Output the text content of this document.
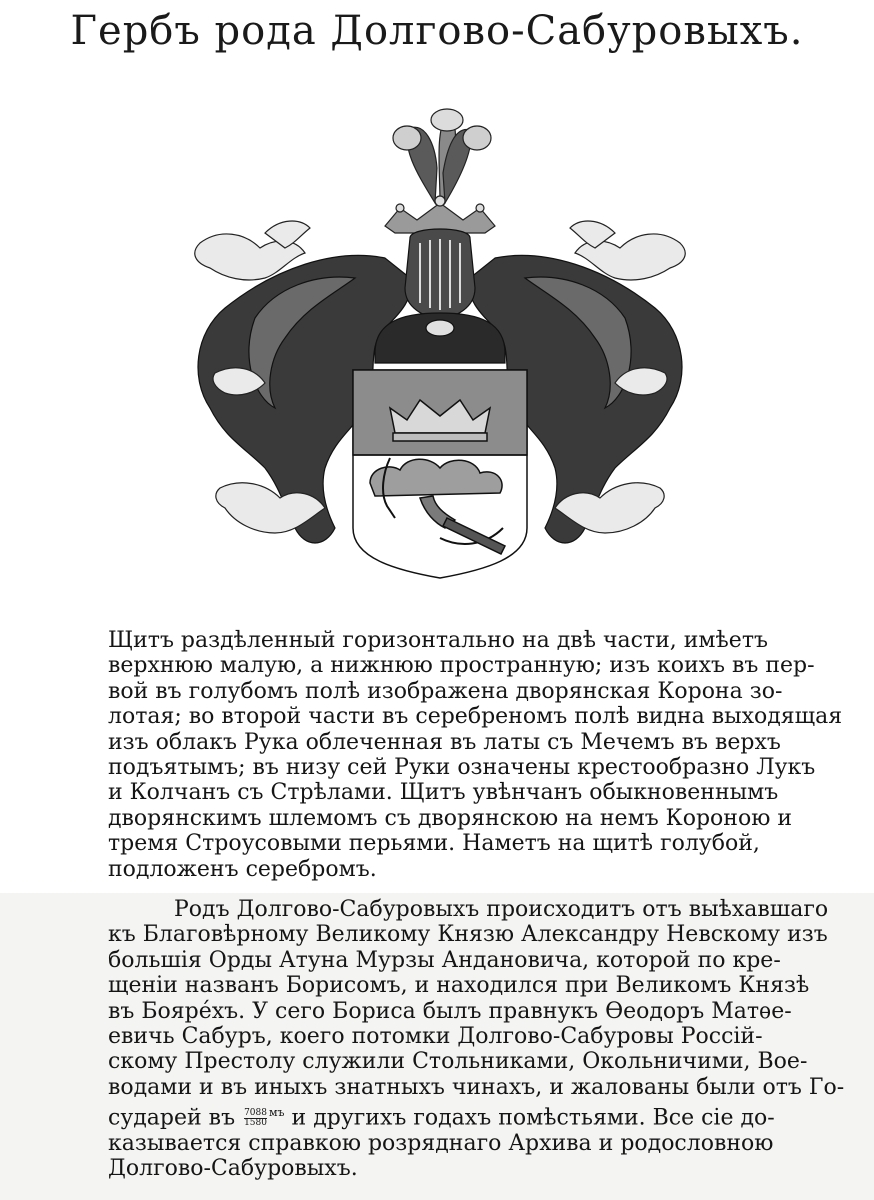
Гербъ рода Долгово-Сабуровыхъ.
Щитъ раздѣленный горизонтально на двѣ части, имѣетъ
верхнюю малую, а нижнюю пространную; изъ коихъ въ пер-
вой въ голубомъ полѣ изображена дворянская Корона зо-
лотая; во второй части въ серебреномъ полѣ видна выходящая
изъ облакъ Рука облеченная въ латы съ Мечемъ въ верхъ
подъятымъ; въ низу сей Руки означены крестообразно Лукъ
и Колчанъ съ Стрѣлами. Щитъ увѣнчанъ обыкновеннымъ
дворянскимъ шлемомъ съ дворянскою на немъ Короною и
тремя Строусовыми перьями. Наметъ на щитѣ голубой,
подложенъ серебромъ.
Родъ Долгово-Сабуровыхъ происходитъ отъ выѣхавшаго
къ Благовѣрному Великому Князю Александру Невскому изъ
большія Орды Атуна Мурзы Андановича, которой по кре-
щеніи названъ Борисомъ, и находился при Великомъ Князѣ
въ Бояре́хъ. У сего Бориса былъ правнукъ Ѳеодоръ Матѳе-
евичь Сабуръ, коего потомки Долгово-Сабуровы Россій-
скому Престолу служили Стольниками, Окольничими, Вое-
водами и въ иныхъ знатныхъ чинахъ, и жалованы были отъ Го-
сударей въ $\frac{7088}{1580} ^{мъ}$ и другихъ годахъ помѣстьями. Все сіе до-
казывается справкою розряднаго Архива и родословною
Долгово-Сабуровыхъ.
